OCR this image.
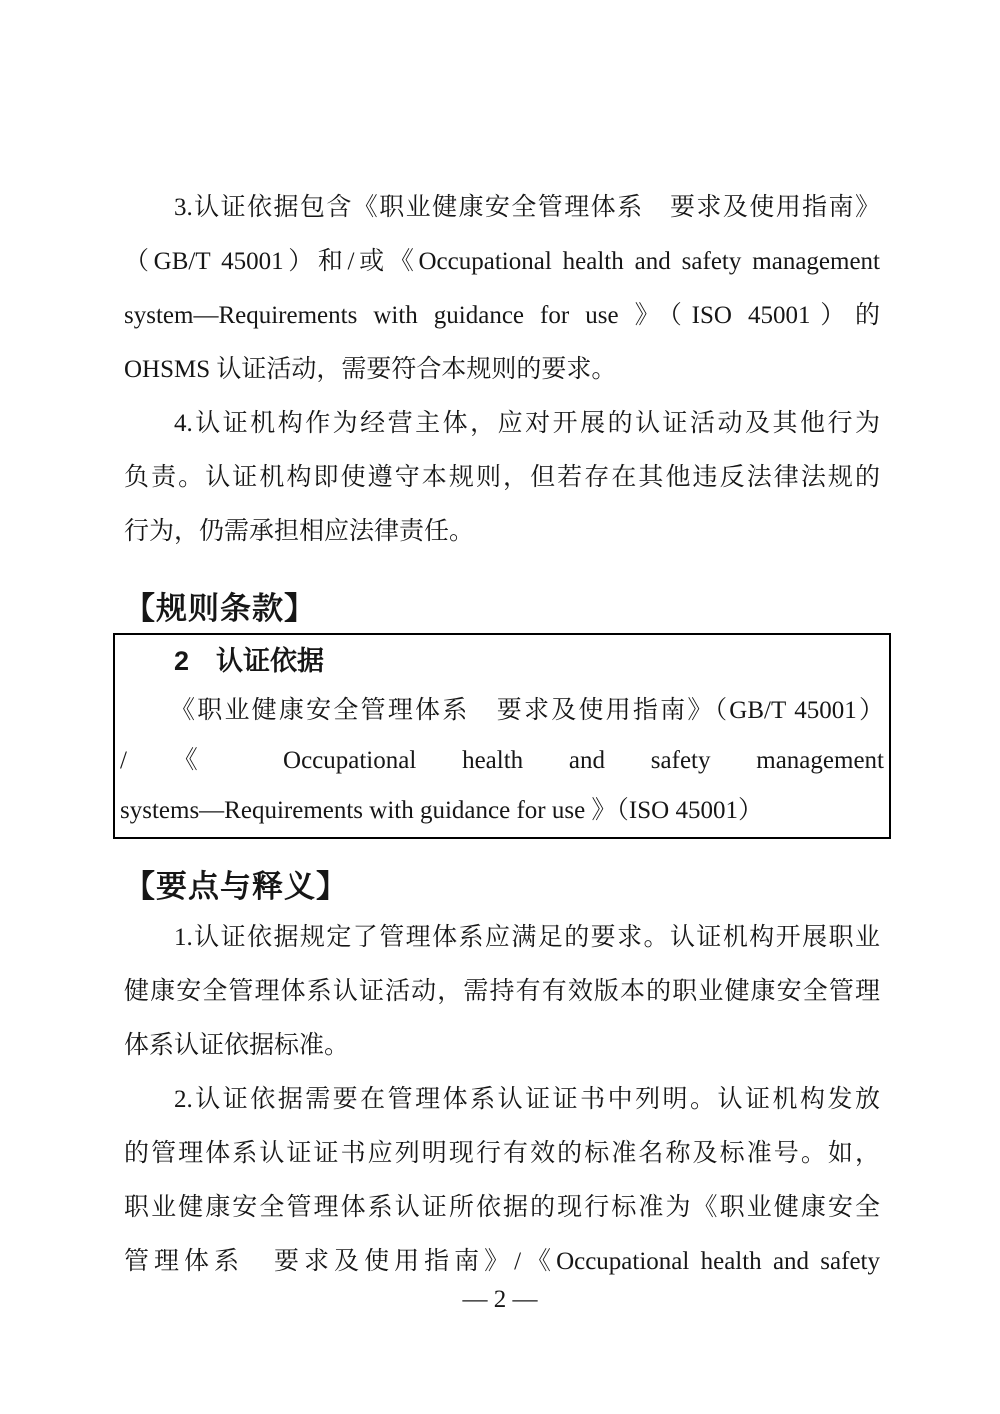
3.认证依据包含《职业健康安全管理体系　要求及使用指南》
（GB/T 45001）和/或《Occupational health and safety management
system—Requirements with guidance for use 》（ISO 45001）的
OHSMS 认证活动，需要符合本规则的要求。
4.认证机构作为经营主体，应对开展的认证活动及其他行为
负责。认证机构即使遵守本规则，但若存在其他违反法律法规的
行为，仍需承担相应法律责任。
【规则条款】
2　认证依据
《职业健康安全管理体系　要求及使用指南》（GB/T 45001）
/ 《 Occupational health and safety management
systems—Requirements with guidance for use 》（ISO 45001）
【要点与释义】
1.认证依据规定了管理体系应满足的要求。认证机构开展职业
健康安全管理体系认证活动，需持有有效版本的职业健康安全管理
体系认证依据标准。
2.认证依据需要在管理体系认证证书中列明。认证机构发放
的管理体系认证证书应列明现行有效的标准名称及标准号。如，
职业健康安全管理体系认证所依据的现行标准为《职业健康安全
管理体系　要求及使用指南》/《Occupational health and safety
— 2 —
